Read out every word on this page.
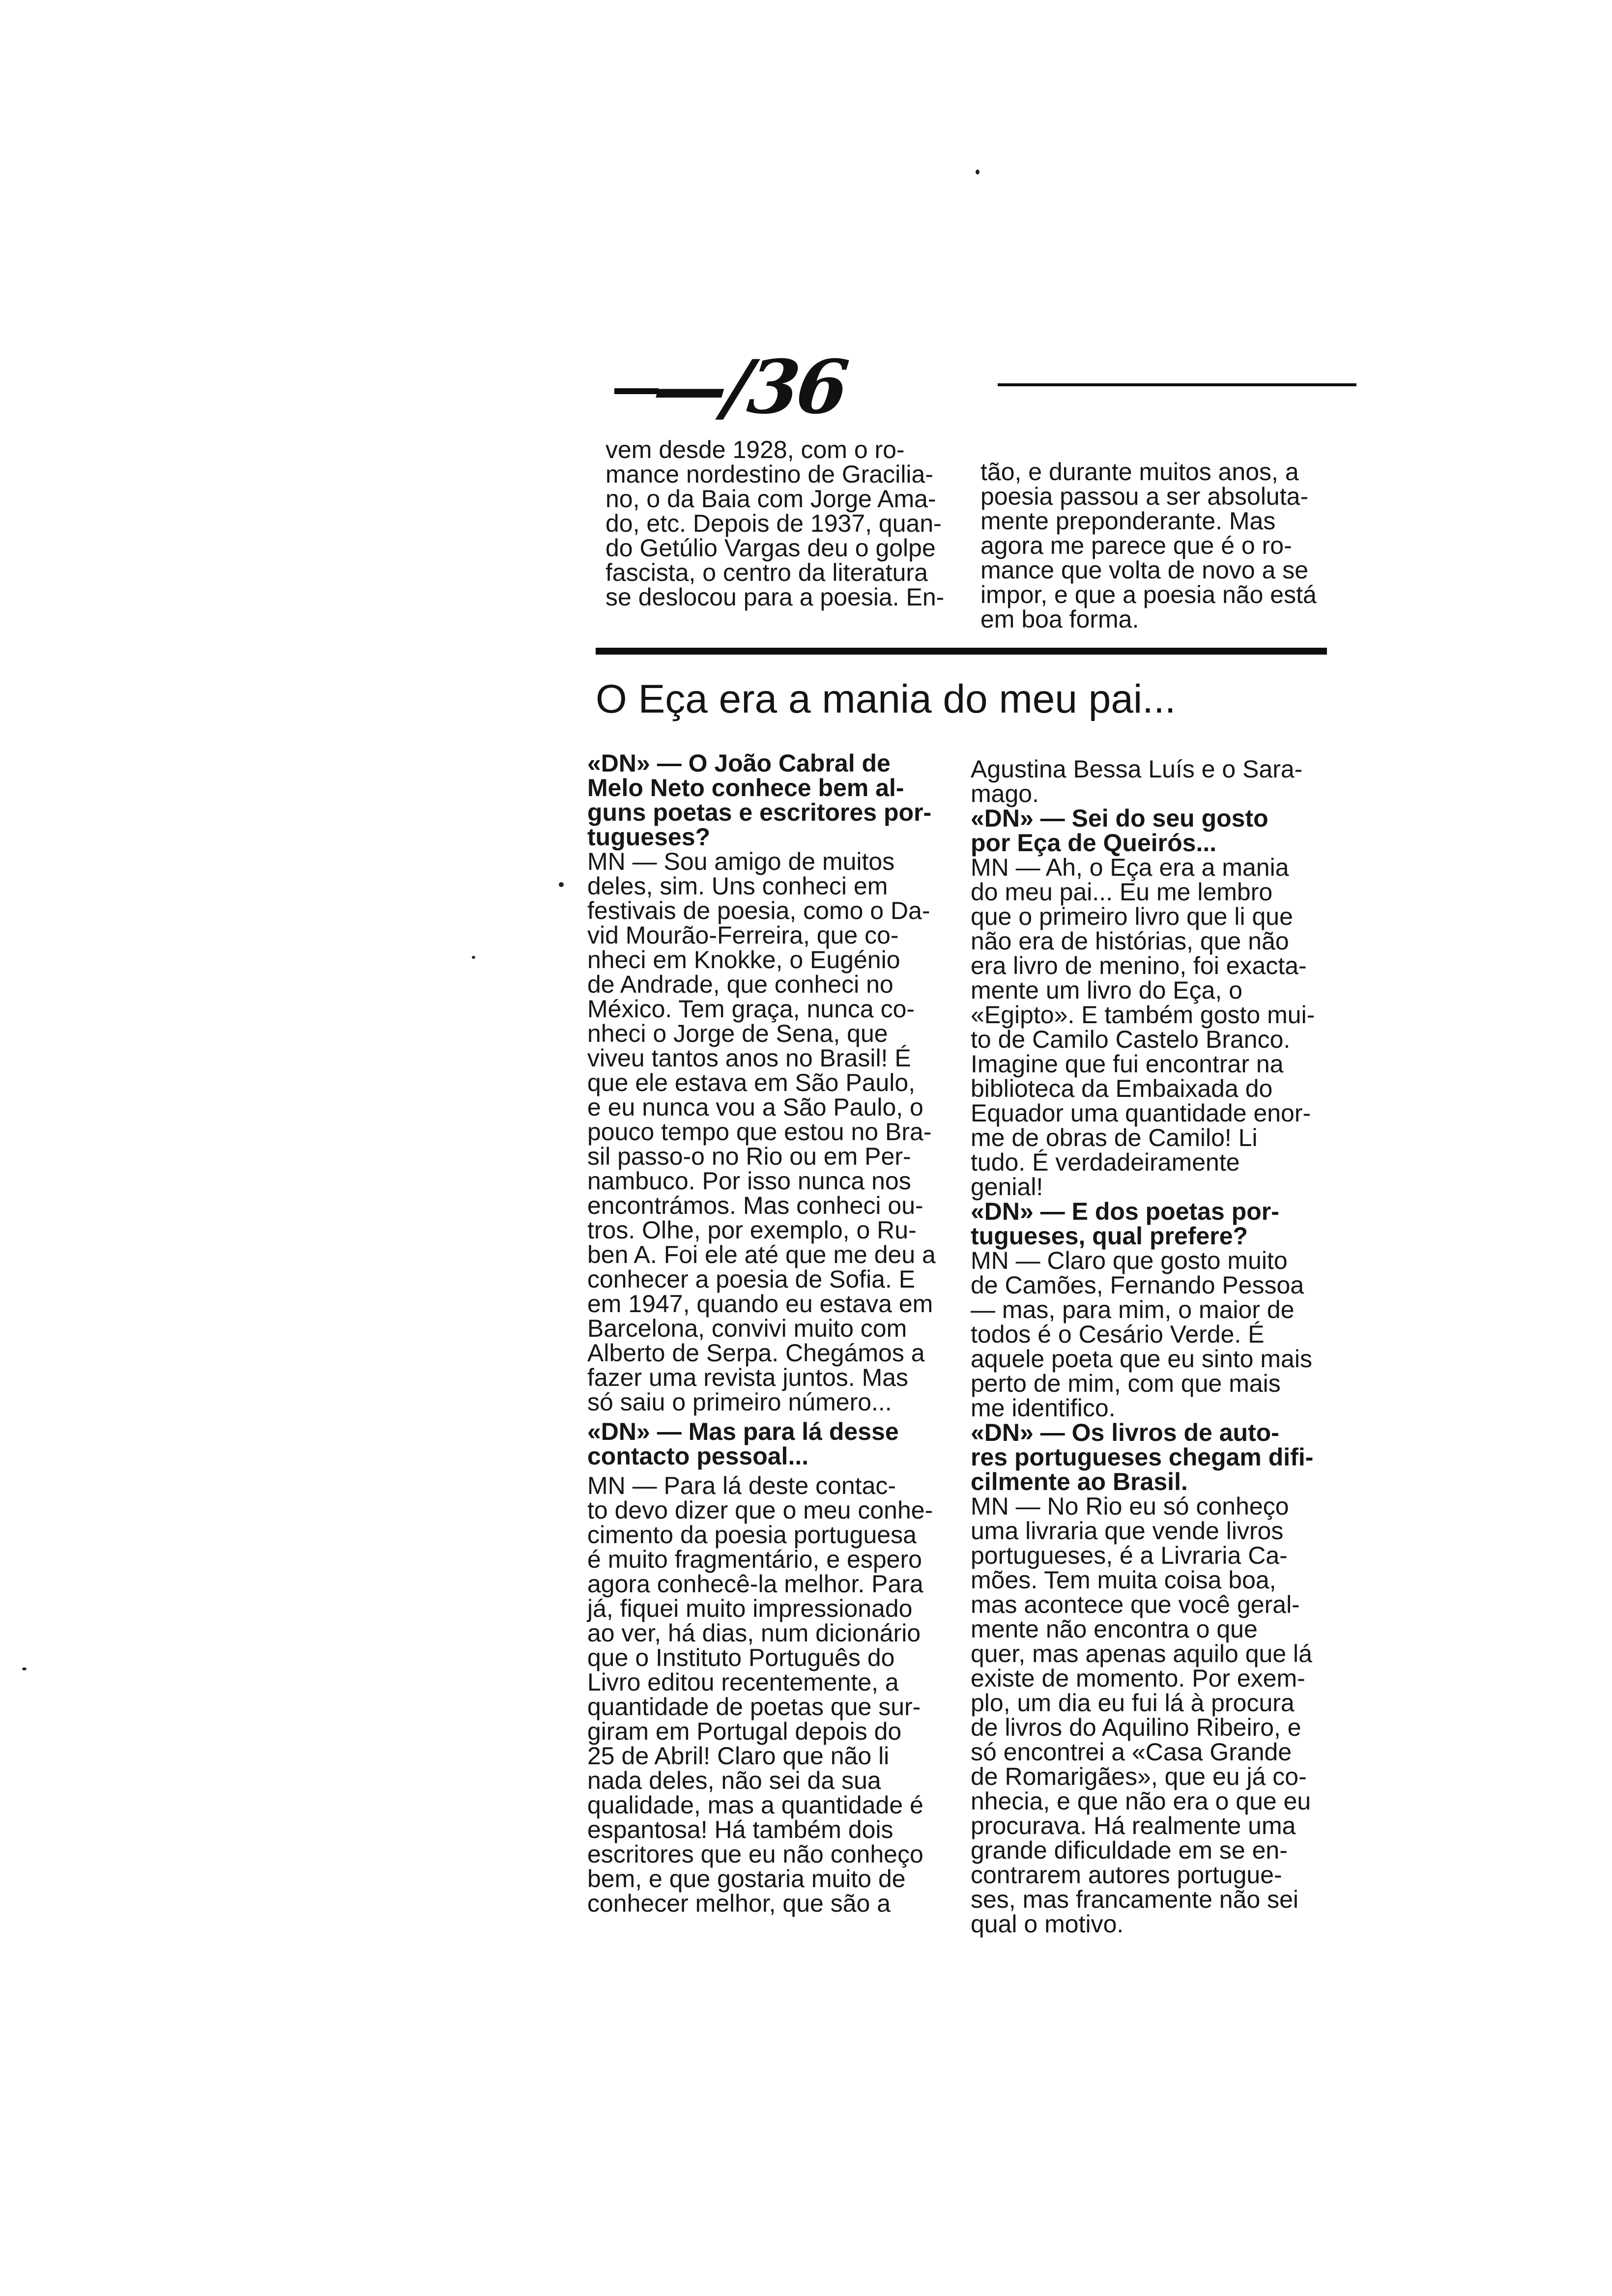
—/36

vem desde 1928, com o ro-

mance nordestino de Gracilia-

no, o da Baia com Jorge Ama-

do, etc. Depois de 1937, quan-

do Getúlio Vargas deu o golpe

fascista, o centro da literatura

se deslocou para a poesia. En-

tão, e durante muitos anos, a

poesia passou a ser absoluta-

mente preponderante. Mas

agora me parece que é o ro-

mance que volta de novo a se

impor, e que a poesia não está

em boa forma.

O Eça era a mania do meu pai...

«DN» — O João Cabral de

Melo Neto conhece bem al-

guns poetas e escritores por-

tugueses?

MN — Sou amigo de muitos

deles, sim. Uns conheci em

festivais de poesia, como o Da-

vid Mourão-Ferreira, que co-

nheci em Knokke, o Eugénio

de Andrade, que conheci no

México. Tem graça, nunca co-

nheci o Jorge de Sena, que

viveu tantos anos no Brasil! É

que ele estava em São Paulo,

e eu nunca vou a São Paulo, o

pouco tempo que estou no Bra-

sil passo-o no Rio ou em Per-

nambuco. Por isso nunca nos

encontrámos. Mas conheci ou-

tros. Olhe, por exemplo, o Ru-

ben A. Foi ele até que me deu a

conhecer a poesia de Sofia. E

em 1947, quando eu estava em

Barcelona, convivi muito com

Alberto de Serpa. Chegámos a

fazer uma revista juntos. Mas

só saiu o primeiro número...

«DN» — Mas para lá desse

contacto pessoal...

MN — Para lá deste contac-

to devo dizer que o meu conhe-

cimento da poesia portuguesa

é muito fragmentário, e espero

agora conhecê-la melhor. Para

já, fiquei muito impressionado

ao ver, há dias, num dicionário

que o Instituto Português do

Livro editou recentemente, a

quantidade de poetas que sur-

giram em Portugal depois do

25 de Abril! Claro que não li

nada deles, não sei da sua

qualidade, mas a quantidade é

espantosa! Há também dois

escritores que eu não conheço

bem, e que gostaria muito de

conhecer melhor, que são a

Agustina Bessa Luís e o Sara-

mago.

«DN» — Sei do seu gosto

por Eça de Queirós...

MN — Ah, o Eça era a mania

do meu pai... Eu me lembro

que o primeiro livro que li que

não era de histórias, que não

era livro de menino, foi exacta-

mente um livro do Eça, o

«Egipto». E também gosto mui-

to de Camilo Castelo Branco.

Imagine que fui encontrar na

biblioteca da Embaixada do

Equador uma quantidade enor-

me de obras de Camilo! Li

tudo. É verdadeiramente

genial!

«DN» — E dos poetas por-

tugueses, qual prefere?

MN — Claro que gosto muito

de Camões, Fernando Pessoa

— mas, para mim, o maior de

todos é o Cesário Verde. É

aquele poeta que eu sinto mais

perto de mim, com que mais

me identifico.

«DN» — Os livros de auto-

res portugueses chegam difi-

cilmente ao Brasil.

MN — No Rio eu só conheço

uma livraria que vende livros

portugueses, é a Livraria Ca-

mões. Tem muita coisa boa,

mas acontece que você geral-

mente não encontra o que

quer, mas apenas aquilo que lá

existe de momento. Por exem-

plo, um dia eu fui lá à procura

de livros do Aquilino Ribeiro, e

só encontrei a «Casa Grande

de Romarigães», que eu já co-

nhecia, e que não era o que eu

procurava. Há realmente uma

grande dificuldade em se en-

contrarem autores portugue-

ses, mas francamente não sei

qual o motivo.
